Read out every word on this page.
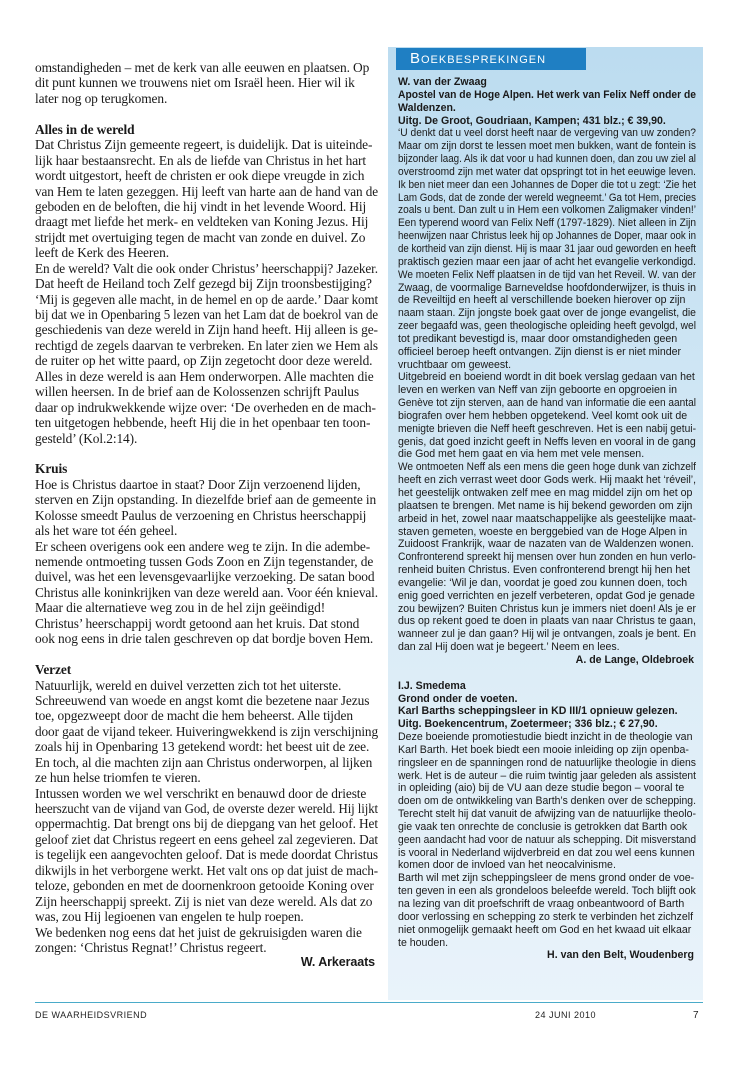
omstandigheden – met de kerk van alle eeuwen en plaatsen. Op
dit punt kunnen we trouwens niet om Israël heen. Hier wil ik
later nog op terugkomen.
Alles in de wereld
Dat Christus Zijn gemeente regeert, is duidelijk. Dat is uiteinde-
lijk haar bestaansrecht. En als de liefde van Christus in het hart
wordt uitgestort, heeft de christen er ook diepe vreugde in zich
van Hem te laten gezeggen. Hij leeft van harte aan de hand van de
geboden en de beloften, die hij vindt in het levende Woord. Hij
draagt met liefde het merk- en veldteken van Koning Jezus. Hij
strijdt met overtuiging tegen de macht van zonde en duivel. Zo
leeft de Kerk des Heeren.
En de wereld? Valt die ook onder Christus’ heerschappij? Jazeker.
Dat heeft de Heiland toch Zelf gezegd bij Zijn troonsbestijging?
‘Mij is gegeven alle macht, in de hemel en op de aarde.’ Daar komt
bij dat we in Openbaring 5 lezen van het Lam dat de boekrol van de
geschiedenis van deze wereld in Zijn hand heeft. Hij alleen is ge-
rechtigd de zegels daarvan te verbreken. En later zien we Hem als
de ruiter op het witte paard, op Zijn zegetocht door deze wereld.
Alles in deze wereld is aan Hem onderworpen. Alle machten die
willen heersen. In de brief aan de Kolossenzen schrijft Paulus
daar op indrukwekkende wijze over: ‘De overheden en de mach-
ten uitgetogen hebbende, heeft Hij die in het openbaar ten toon-
gesteld’ (Kol.2:14).
Kruis
Hoe is Christus daartoe in staat? Door Zijn verzoenend lijden,
sterven en Zijn opstanding. In diezelfde brief aan de gemeente in
Kolosse smeedt Paulus de verzoening en Christus heerschappij
als het ware tot één geheel.
Er scheen overigens ook een andere weg te zijn. In die adembe-
nemende ontmoeting tussen Gods Zoon en Zijn tegenstander, de
duivel, was het een levensgevaarlijke verzoeking. De satan bood
Christus alle koninkrijken van deze wereld aan. Voor één knieval.
Maar die alternatieve weg zou in de hel zijn geëindigd!
Christus’ heerschappij wordt getoond aan het kruis. Dat stond
ook nog eens in drie talen geschreven op dat bordje boven Hem.
Verzet
Natuurlijk, wereld en duivel verzetten zich tot het uiterste.
Schreeuwend van woede en angst komt die bezetene naar Jezus
toe, opgezweept door de macht die hem beheerst. Alle tijden
door gaat de vijand tekeer. Huiveringwekkend is zijn verschijning
zoals hij in Openbaring 13 getekend wordt: het beest uit de zee.
En toch, al die machten zijn aan Christus onderworpen, al lijken
ze hun helse triomfen te vieren.
Intussen worden we wel verschrikt en benauwd door de drieste
heerszucht van de vijand van God, de overste dezer wereld. Hij lijkt
oppermachtig. Dat brengt ons bij de diepgang van het geloof. Het
geloof ziet dat Christus regeert en eens geheel zal zegevieren. Dat
is tegelijk een aangevochten geloof. Dat is mede doordat Christus
dikwijls in het verborgene werkt. Het valt ons op dat juist de mach-
teloze, gebonden en met de doornenkroon getooide Koning over
Zijn heerschappij spreekt. Zij is niet van deze wereld. Als dat zo
was, zou Hij legioenen van engelen te hulp roepen.
We bedenken nog eens dat het juist de gekruisigden waren die
zongen: ‘Christus Regnat!’ Christus regeert.
W. Arkeraats
Boekbesprekingen
W. van der Zwaag
Apostel van de Hoge Alpen. Het werk van Felix Neff onder de
Waldenzen.
Uitg. De Groot, Goudriaan, Kampen; 431 blz.; € 39,90.
‘U denkt dat u veel dorst heeft naar de vergeving van uw zonden?
Maar om zijn dorst te lessen moet men bukken, want de fontein is
bijzonder laag. Als ik dat voor u had kunnen doen, dan zou uw ziel al
overstroomd zijn met water dat opspringt tot in het eeuwige leven.
Ik ben niet meer dan een Johannes de Doper die tot u zegt: ‘Zie het
Lam Gods, dat de zonde der wereld wegneemt.’ Ga tot Hem, precies
zoals u bent. Dan zult u in Hem een volkomen Zaligmaker vinden!’
Een typerend woord van Felix Neff (1797-1829). Niet alleen in Zijn
heenwijzen naar Christus leek hij op Johannes de Doper, maar ook in
de kortheid van zijn dienst. Hij is maar 31 jaar oud geworden en heeft
praktisch gezien maar een jaar of acht het evangelie verkondigd.
We moeten Felix Neff plaatsen in de tijd van het Reveil. W. van der
Zwaag, de voormalige Barneveldse hoofdonderwijzer, is thuis in
de Reveiltijd en heeft al verschillende boeken hierover op zijn
naam staan. Zijn jongste boek gaat over de jonge evangelist, die
zeer begaafd was, geen theologische opleiding heeft gevolgd, wel
tot predikant bevestigd is, maar door omstandigheden geen
officieel beroep heeft ontvangen. Zijn dienst is er niet minder
vruchtbaar om geweest.
Uitgebreid en boeiend wordt in dit boek verslag gedaan van het
leven en werken van Neff van zijn geboorte en opgroeien in
Genève tot zijn sterven, aan de hand van informatie die een aantal
biografen over hem hebben opgetekend. Veel komt ook uit de
menigte brieven die Neff heeft geschreven. Het is een nabij getui-
genis, dat goed inzicht geeft in Neffs leven en vooral in de gang
die God met hem gaat en via hem met vele mensen.
We ontmoeten Neff als een mens die geen hoge dunk van zichzelf
heeft en zich verrast weet door Gods werk. Hij maakt het ‘réveil’,
het geestelijk ontwaken zelf mee en mag middel zijn om het op
plaatsen te brengen. Met name is hij bekend geworden om zijn
arbeid in het, zowel naar maatschappelijke als geestelijke maat-
staven gemeten, woeste en berggebied van de Hoge Alpen in
Zuidoost Frankrijk, waar de nazaten van de Waldenzen wonen.
Confronterend spreekt hij mensen over hun zonden en hun verlo-
renheid buiten Christus. Even confronterend brengt hij hen het
evangelie: ‘Wil je dan, voordat je goed zou kunnen doen, toch
enig goed verrichten en jezelf verbeteren, opdat God je genade
zou bewijzen? Buiten Christus kun je immers niet doen! Als je er
dus op rekent goed te doen in plaats van naar Christus te gaan,
wanneer zul je dan gaan? Hij wil je ontvangen, zoals je bent. En
dan zal Hij doen wat je begeert.’ Neem en lees.
A. de Lange, Oldebroek
I.J. Smedema
Grond onder de voeten.
Karl Barths scheppingsleer in KD III/1 opnieuw gelezen.
Uitg. Boekencentrum, Zoetermeer; 336 blz.; € 27,90.
Deze boeiende promotiestudie biedt inzicht in de theologie van
Karl Barth. Het boek biedt een mooie inleiding op zijn openba-
ringsleer en de spanningen rond de natuurlijke theologie in diens
werk. Het is de auteur – die ruim twintig jaar geleden als assistent
in opleiding (aio) bij de VU aan deze studie begon – vooral te
doen om de ontwikkeling van Barth’s denken over de schepping.
Terecht stelt hij dat vanuit de afwijzing van de natuurlijke theolo-
gie vaak ten onrechte de conclusie is getrokken dat Barth ook
geen aandacht had voor de natuur als schepping. Dit misverstand
is vooral in Nederland wijdverbreid en dat zou wel eens kunnen
komen door de invloed van het neocalvinisme.
Barth wil met zijn scheppingsleer de mens grond onder de voe-
ten geven in een als grondeloos beleefde wereld. Toch blijft ook
na lezing van dit proefschrift de vraag onbeantwoord of Barth
door verlossing en schepping zo sterk te verbinden het zichzelf
niet onmogelijk gemaakt heeft om God en het kwaad uit elkaar
te houden.
H. van den Belt, Woudenberg
DE WAARHEIDSVRIEND	24 JUNI 2010	7
